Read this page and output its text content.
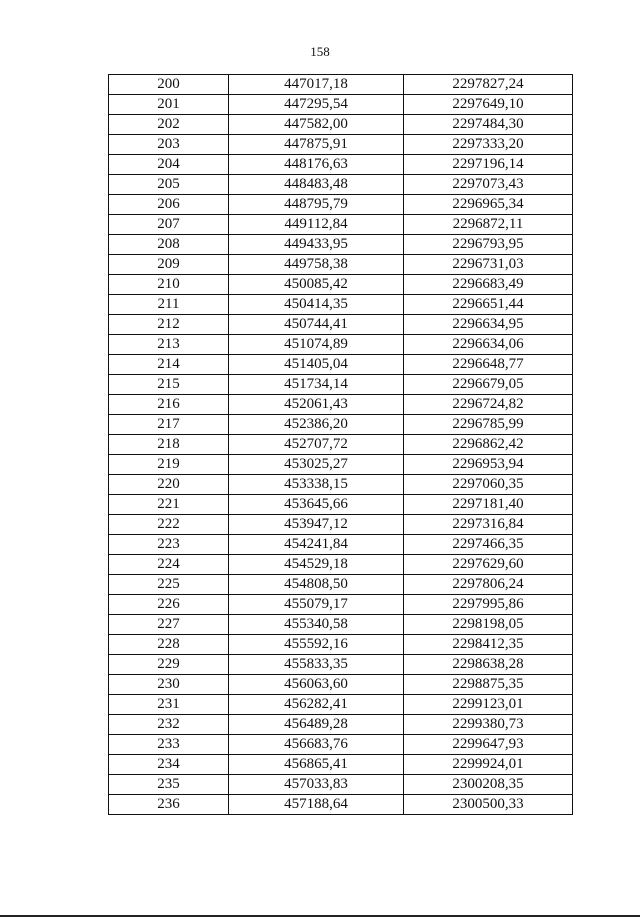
158
200	447017,18	2297827,24
201	447295,54	2297649,10
202	447582,00	2297484,30
203	447875,91	2297333,20
204	448176,63	2297196,14
205	448483,48	2297073,43
206	448795,79	2296965,34
207	449112,84	2296872,11
208	449433,95	2296793,95
209	449758,38	2296731,03
210	450085,42	2296683,49
211	450414,35	2296651,44
212	450744,41	2296634,95
213	451074,89	2296634,06
214	451405,04	2296648,77
215	451734,14	2296679,05
216	452061,43	2296724,82
217	452386,20	2296785,99
218	452707,72	2296862,42
219	453025,27	2296953,94
220	453338,15	2297060,35
221	453645,66	2297181,40
222	453947,12	2297316,84
223	454241,84	2297466,35
224	454529,18	2297629,60
225	454808,50	2297806,24
226	455079,17	2297995,86
227	455340,58	2298198,05
228	455592,16	2298412,35
229	455833,35	2298638,28
230	456063,60	2298875,35
231	456282,41	2299123,01
232	456489,28	2299380,73
233	456683,76	2299647,93
234	456865,41	2299924,01
235	457033,83	2300208,35
236	457188,64	2300500,33
